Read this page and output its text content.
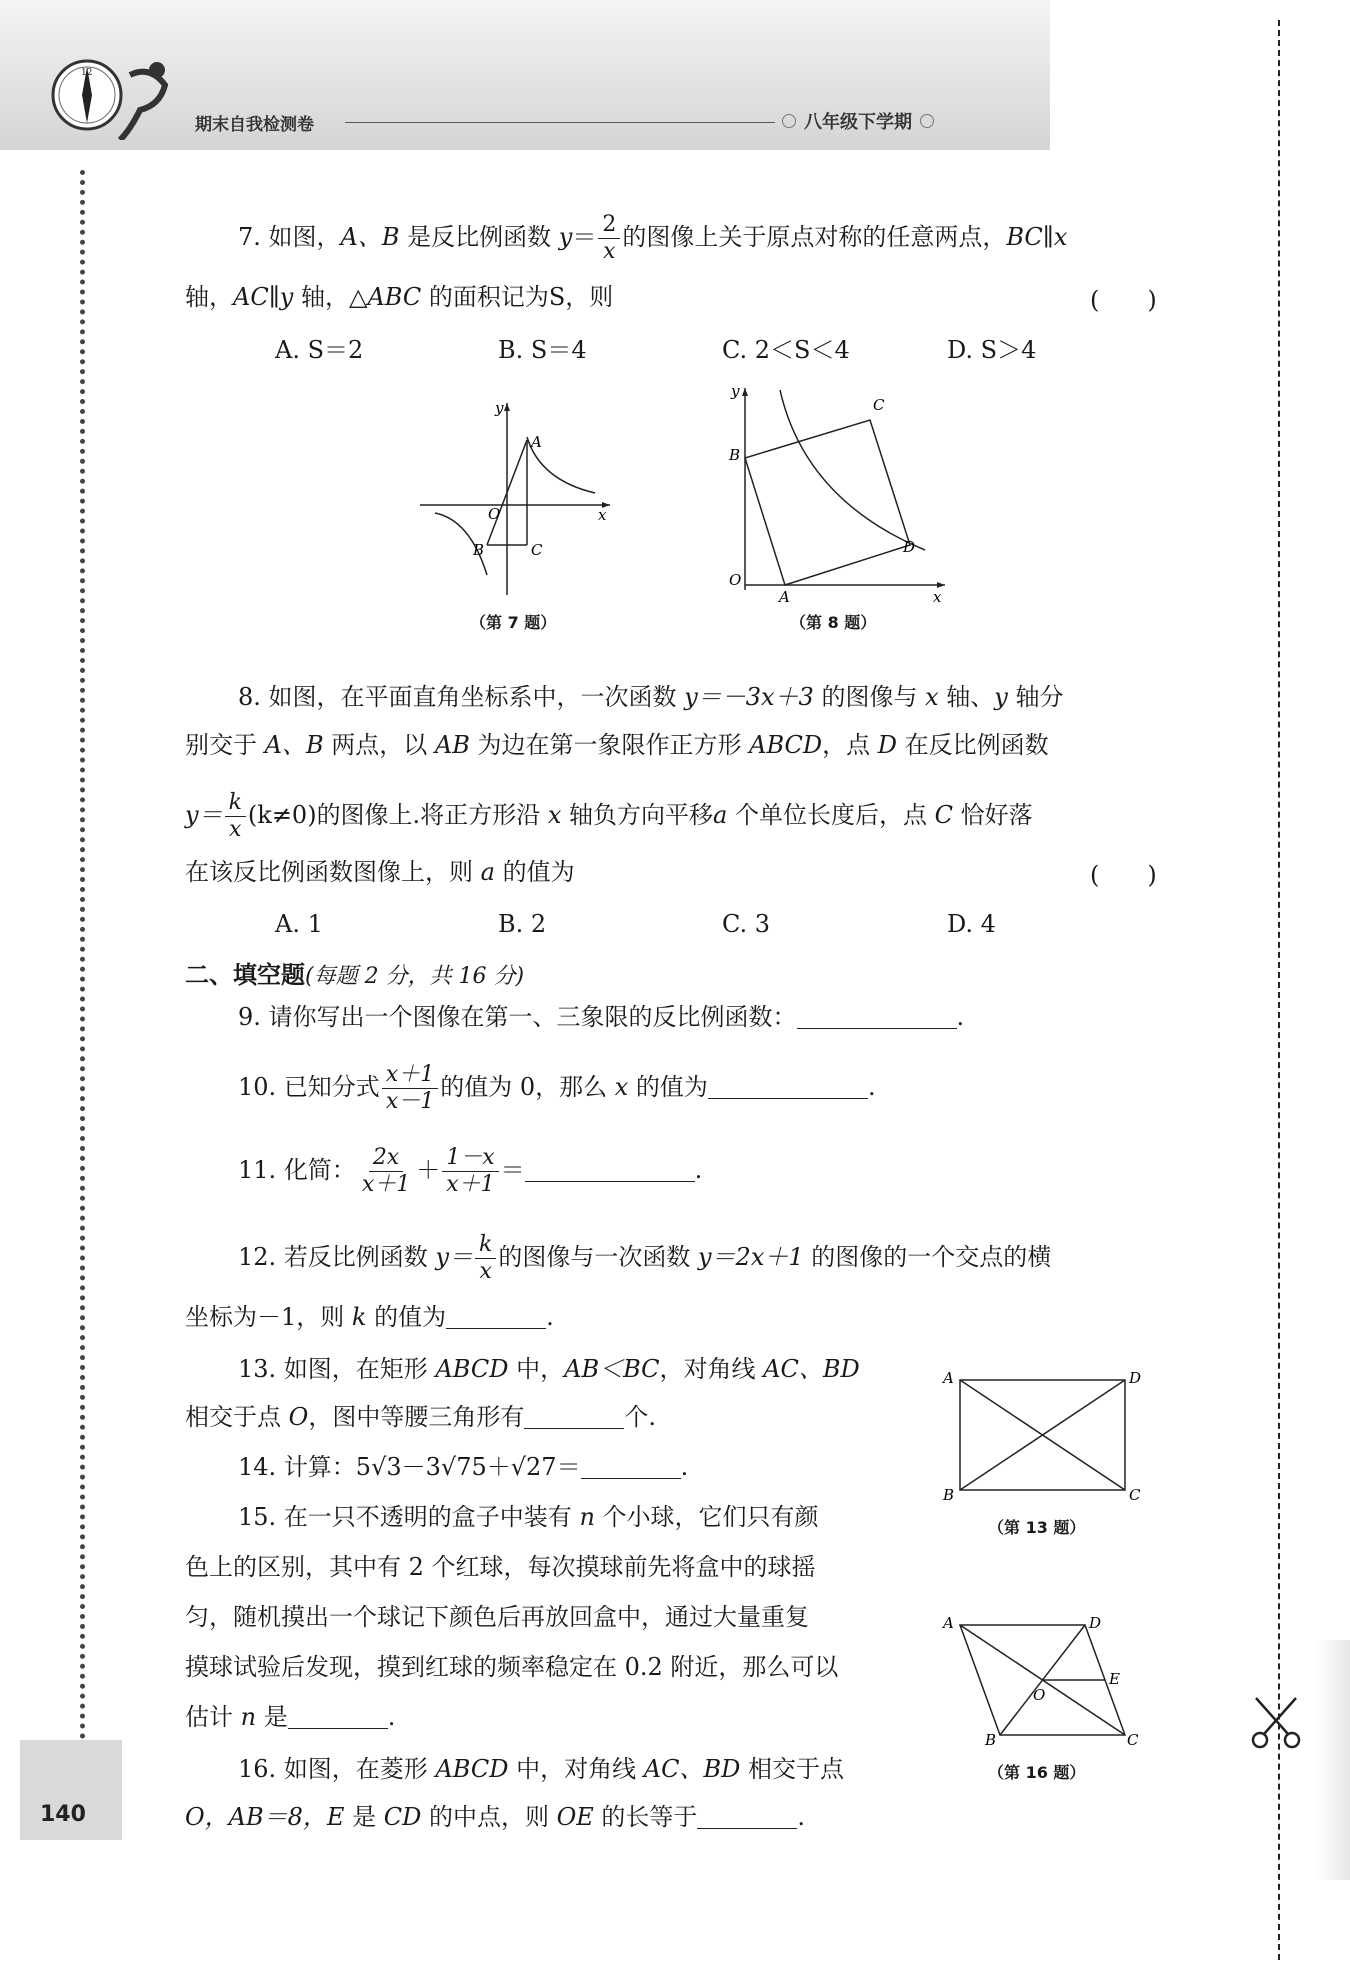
12
期末自我检测卷	八年级下学期
140
7. 如图，A、B 是反比例函数 $y= \frac{2}{x}$ 的图像上关于原点对称的任意两点，BC∥x
轴，AC∥y 轴，△ABC 的面积记为S，则	(　　)
A. S＝2	B. S＝4	C. 2＜S＜4	D. S＞4
y
x
O
A
B	C
（第 7 题）
y
x
O
A
B
C
D
（第 8 题）
8. 如图，在平面直角坐标系中，一次函数 y＝－3x＋3 的图像与 x 轴、y 轴分
别交于 A、B 两点，以 AB 为边在第一象限作正方形 ABCD，点 D 在反比例函数
$y= \frac{k}{x} (k\ne 0)$的图像上.将正方形沿 x 轴负方向平移a 个单位长度后，点 C 恰好落
在该反比例函数图像上，则 a 的值为	(　　)
A. 1	B. 2	C. 3	D. 4
二、填空题(每题 2 分，共 16 分)
9. 请你写出一个图像在第一、三象限的反比例函数：	.
10. 已知分式 $\frac{x+1}{x-1}$ 的值为 0，那么 x 的值为	.
11. 化简： $\frac{2x}{x+1} + \frac{1-x}{x+1}$ ＝	.
12. 若反比例函数 $y= \frac{k}{x}$ 的图像与一次函数 y＝2x＋1 的图像的一个交点的横
坐标为－1，则 k 的值为	.
13. 如图，在矩形 ABCD 中，AB＜BC，对角线 AC、BD
相交于点 O，图中等腰三角形有	个.
A	D
B	C
（第 13 题）
14. 计算：5√3－3√75＋√27＝	.
15. 在一只不透明的盒子中装有 n 个小球，它们只有颜
色上的区别，其中有 2 个红球，每次摸球前先将盒中的球摇
匀，随机摸出一个球记下颜色后再放回盒中，通过大量重复
摸球试验后发现，摸到红球的频率稳定在 0.2 附近，那么可以
估计 n 是	.
A	D
E
O
B	C
（第 16 题）
16. 如图，在菱形 ABCD 中，对角线 AC、BD 相交于点
O，AB＝8，E 是 CD 的中点，则 OE 的长等于	.
